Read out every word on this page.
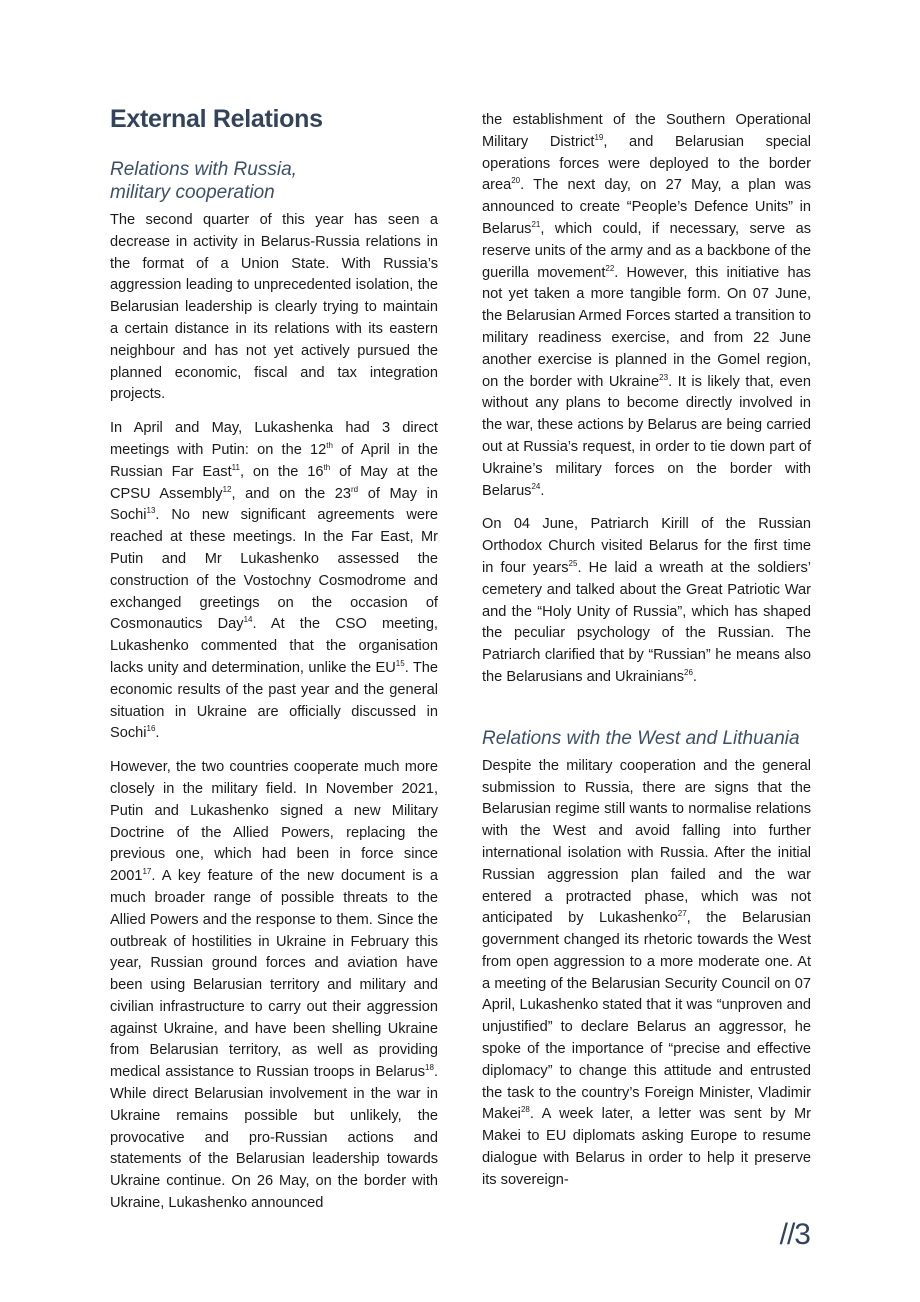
External Relations
Relations with Russia,
military cooperation

The second quarter of this year has seen a decrease in activity in Belarus-Russia relations in the format of a Union State. With Russia’s aggression leading to unprecedented isolation, the Belarusian leadership is clearly trying to maintain a certain distance in its relations with its eastern neighbour and has not yet actively pursued the planned economic, fiscal and tax integration projects.

In April and May, Lukashenka had 3 direct meetings with Putin: on the 12th of April in the Russian Far East$^{11}$, on the 16th of May at the CPSU Assembly$^{12}$, and on the 23rd of May in Sochi$^{13}$. No new significant agreements were reached at these meetings. In the Far East, Mr Putin and Mr Lukashenko assessed the construction of the Vostochny Cosmodrome and exchanged greetings on the occasion of Cosmonautics Day$^{14}$. At the CSO meeting, Lukashenko commented that the organisation lacks unity and determination, unlike the EU$^{15}$. The economic results of the past year and the general situation in Ukraine are officially discussed in Sochi$^{16}$.

However, the two countries cooperate much more closely in the military field. In November 2021, Putin and Lukashenko signed a new Military Doctrine of the Allied Powers, replacing the previous one, which had been in force since 2001$^{17}$. A key feature of the new document is a much broader range of possible threats to the Allied Powers and the response to them. Since the outbreak of hostilities in Ukraine in February this year, Russian ground forces and aviation have been using Belarusian territory and military and civilian infrastructure to carry out their aggression against Ukraine, and have been shelling Ukraine from Belarusian territory, as well as providing medical assistance to Russian troops in Belarus$^{18}$. While direct Belarusian involvement in the war in Ukraine remains possible but unlikely, the provocative and pro-Russian actions and statements of the Belarusian leadership towards Ukraine continue. On 26 May, on the border with Ukraine, Lukashenko announced

the establishment of the Southern Operational Military District$^{19}$, and Belarusian special operations forces were deployed to the border area$^{20}$. The next day, on 27 May, a plan was announced to create “People’s Defence Units” in Belarus$^{21}$, which could, if necessary, serve as reserve units of the army and as a backbone of the guerilla movement$^{22}$. However, this initiative has not yet taken a more tangible form. On 07 June, the Belarusian Armed Forces started a transition to military readiness exercise, and from 22 June another exercise is planned in the Gomel region, on the border with Ukraine$^{23}$. It is likely that, even without any plans to become directly involved in the war, these actions by Belarus are being carried out at Russia’s request, in order to tie down part of Ukraine’s military forces on the border with Belarus$^{24}$.

On 04 June, Patriarch Kirill of the Russian Orthodox Church visited Belarus for the first time in four years$^{25}$. He laid a wreath at the soldiers’ cemetery and talked about the Great Patriotic War and the “Holy Unity of Russia”, which has shaped the peculiar psychology of the Russian. The Patriarch clarified that by “Russian” he means also the Belarusians and Ukrainians$^{26}$.

Relations with the West and Lithuania

Despite the military cooperation and the general submission to Russia, there are signs that the Belarusian regime still wants to normalise relations with the West and avoid falling into further international isolation with Russia. After the initial Russian aggression plan failed and the war entered a protracted phase, which was not anticipated by Lukashenko$^{27}$, the Belarusian government changed its rhetoric towards the West from open aggression to a more moderate one. At a meeting of the Belarusian Security Council on 07 April, Lukashenko stated that it was “unproven and unjustified” to declare Belarus an aggressor, he spoke of the importance of “precise and effective diplomacy” to change this attitude and entrusted the task to the country’s Foreign Minister, Vladimir Makei$^{28}$. A week later, a letter was sent by Mr Makei to EU diplomats asking Europe to resume dialogue with Belarus in order to help it preserve its sovereign-

//3
